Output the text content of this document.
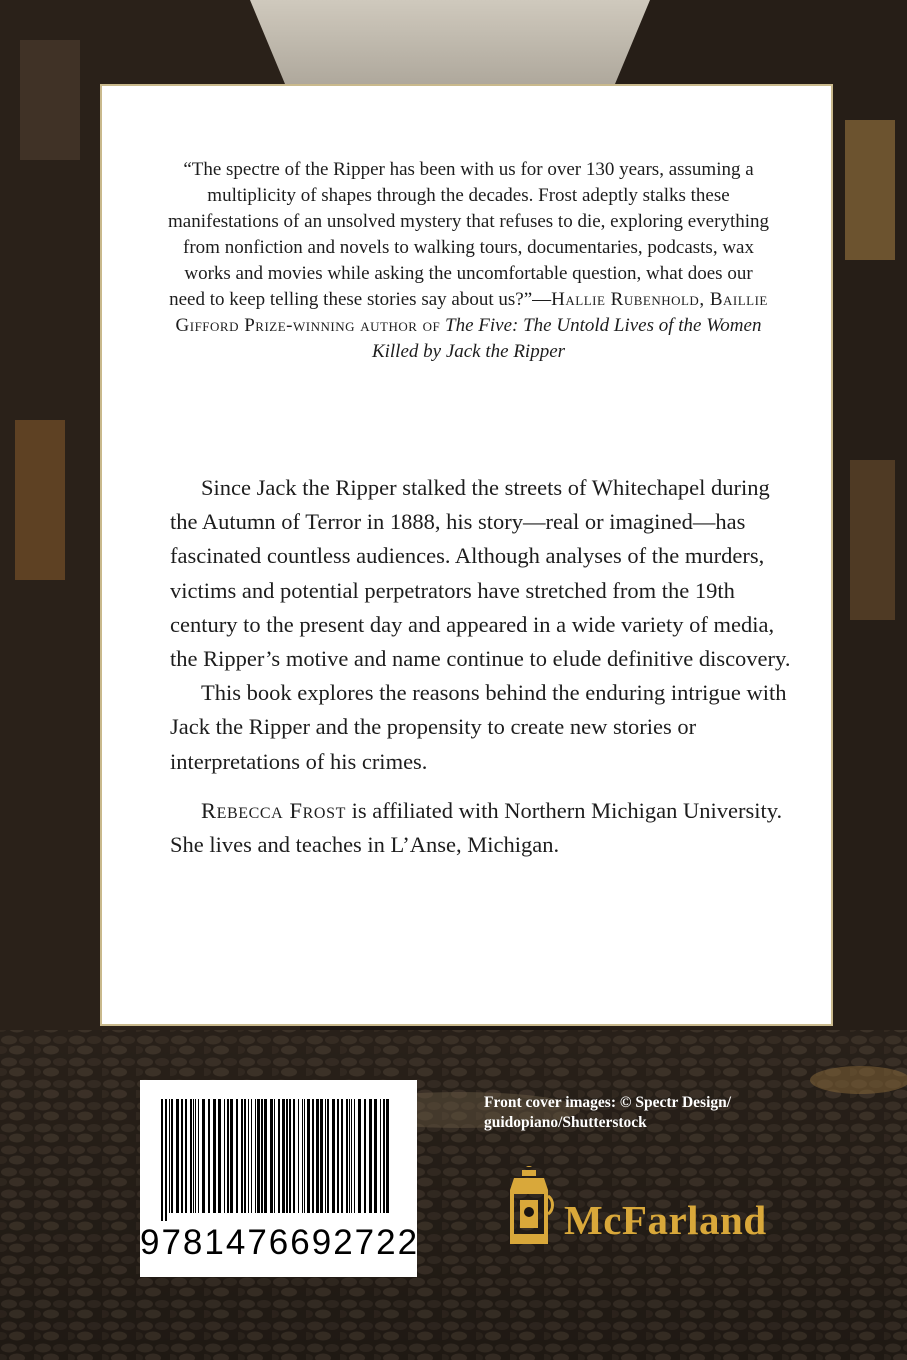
“The spectre of the Ripper has been with us for over 130 years, assuming a multiplicity of shapes through the decades. Frost adeptly stalks these manifestations of an unsolved mystery that refuses to die, exploring everything from nonfiction and novels to walking tours, documentaries, podcasts, wax works and movies while asking the uncomfortable question, what does our need to keep telling these stories say about us?”—Hallie Rubenhold, Baillie Gifford Prize-winning author of The Five: The Untold Lives of the Women Killed by Jack the Ripper

Since Jack the Ripper stalked the streets of Whitechapel during the Autumn of Terror in 1888, his story—real or imagined—has fascinated countless audiences. Although analyses of the murders, victims and potential perpetrators have stretched from the 19th century to the present day and appeared in a wide variety of media, the Ripper’s motive and name continue to elude definitive discovery.

This book explores the reasons behind the enduring intrigue with Jack the Ripper and the propensity to create new stories or interpretations of his crimes.

Rebecca Frost is affiliated with Northern Michigan University. She lives and teaches in L’Anse, Michigan.

9781476692722
Front cover images: © Spectr Design/
guidopiano/Shutterstock
McFarland
